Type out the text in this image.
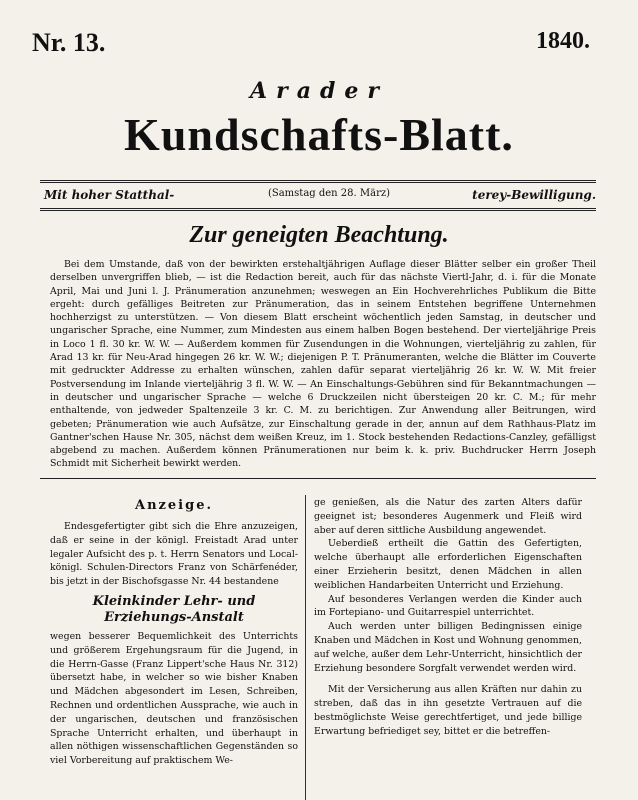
Nr. 13.	1840.
Arader
Kundschafts-Blatt.
Mit hoher Statthal-	(Samstag den 28. März)	terey-Bewilligung.
Zur geneigten Beachtung.
Bei dem Umstande, daß von der bewirkten erstehaltjährigen Auflage dieser Blätter selber ein großer Theil derselben unvergriffen blieb, — ist die Redaction bereit, auch für das nächste Viertl-Jahr, d. i. für die Monate April, Mai und Juni l. J. Pränumeration anzunehmen; weswegen an Ein Hochverehrliches Publikum die Bitte ergeht: durch gefälliges Beitreten zur Pränumeration, das in seinem Entstehen begriffene Unternehmen hochherzigst zu unterstützen. — Von diesem Blatt erscheint wöchentlich jeden Samstag, in deutscher und ungarischer Sprache, eine Nummer, zum Mindesten aus einem halben Bogen bestehend. Der vierteljährige Preis in Loco 1 fl. 30 kr. W. W. — Außerdem kommen für Zusendungen in die Wohnungen, vierteljährig zu zahlen, für Arad 13 kr. für Neu-Arad hingegen 26 kr. W. W.; diejenigen P. T. Pränumeranten, welche die Blätter im Couverte mit gedruckter Addresse zu erhalten wünschen, zahlen dafür separat vierteljährig 26 kr. W. W. Mit freier Postversendung im Inlande vierteljährig 3 fl. W. W. — An Einschaltungs-Gebühren sind für Bekanntmachungen — in deutscher und ungarischer Sprache — welche 6 Druckzeilen nicht übersteigen 20 kr. C. M.; für mehr enthaltende, von jedweder Spaltenzeile 3 kr. C. M. zu berichtigen. Zur Anwendung aller Beitrungen, wird gebeten; Pränumeration wie auch Aufsätze, zur Einschaltung gerade in der, annun auf dem Rathhaus-Platz im Gantner'schen Hause Nr. 305, nächst dem weißen Kreuz, im 1. Stock bestehenden Redactions-Canzley, gefälligst abgebend zu machen. Außerdem können Pränumerationen nur beim k. k. priv. Buchdrucker Herrn Joseph Schmidt mit Sicherheit bewirkt werden.
Anzeige.

Endesgefertigter gibt sich die Ehre anzuzeigen, daß er seine in der königl. Freistadt Arad unter legaler Aufsicht des p. t. Herrn Senators und Local-königl. Schulen-Directors Franz von Schärfenéder, bis jetzt in der Bischofsgasse Nr. 44 bestandene

Kleinkinder Lehr- und Erziehungs-Anstalt

wegen besserer Bequemlichkeit des Unterrichts und größerem Ergehungsraum für die Jugend, in die Herrn-Gasse (Franz Lippert'sche Haus Nr. 312) übersetzt habe, in welcher so wie bisher Knaben und Mädchen abgesondert im Lesen, Schreiben, Rechnen und ordentlichen Aussprache, wie auch in der ungarischen, deutschen und französischen Sprache Unterricht erhalten, und überhaupt in allen nöthigen wissenschaftlichen Gegenständen so viel Vorbereitung auf praktischem We-

ge genießen, als die Natur des zarten Alters dafür geeignet ist; besonderes Augenmerk und Fleiß wird aber auf deren sittliche Ausbildung angewendet.

Ueberdieß ertheilt die Gattin des Gefertigten, welche überhaupt alle erforderlichen Eigenschaften einer Erzieherin besitzt, denen Mädchen in allen weiblichen Handarbeiten Unterricht und Erziehung.

Auf besonderes Verlangen werden die Kinder auch im Fortepiano- und Guitarrespiel unterrichtet.

Auch werden unter billigen Bedingnissen einige Knaben und Mädchen in Kost und Wohnung genommen, auf welche, außer dem Lehr-Unterricht, hinsichtlich der Erziehung besondere Sorgfalt verwendet werden wird.

Mit der Versicherung aus allen Kräften nur dahin zu streben, daß das in ihn gesetzte Vertrauen auf die bestmöglichste Weise gerechtfertiget, und jede billige Erwartung befriediget sey, bittet er die betreffen-
